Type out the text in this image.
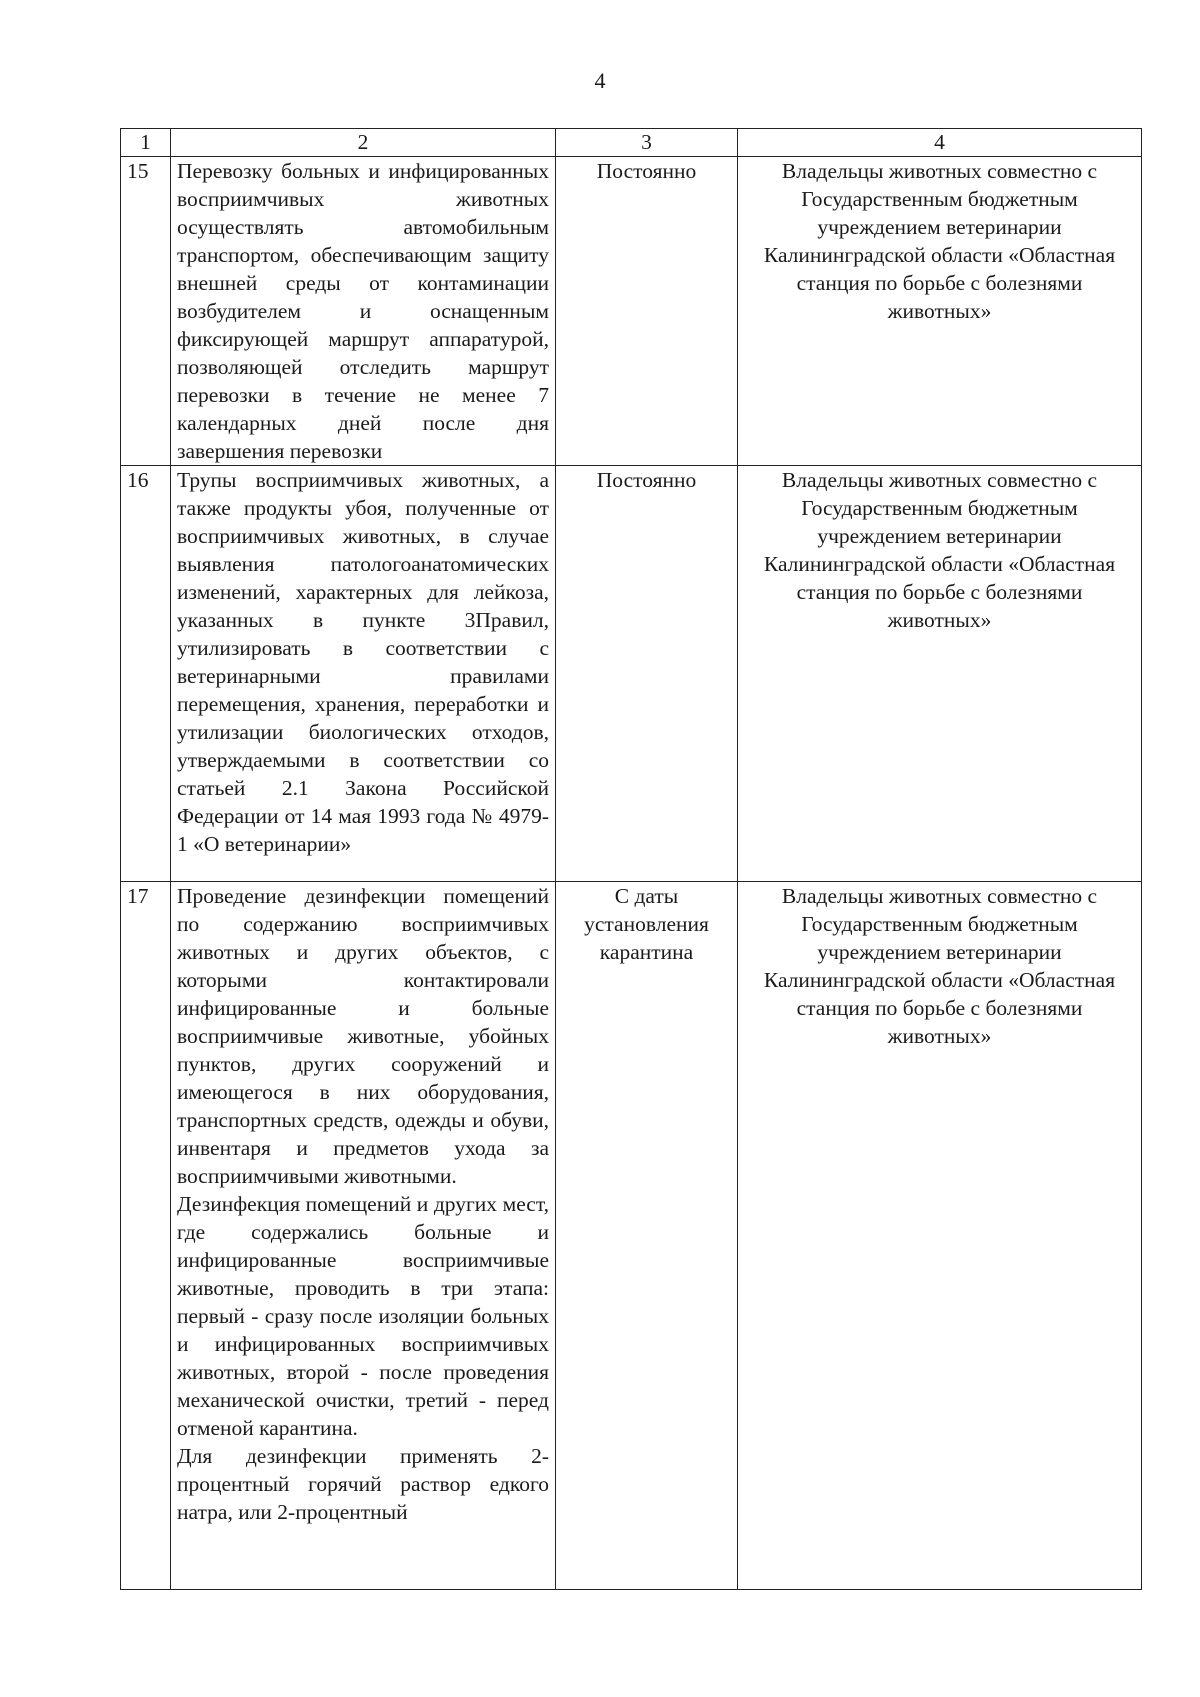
4
1	2	3	4
15	Перевозку больных и инфицированных восприимчивых животных осуществлять автомобильным транспортом, обеспечивающим защиту внешней среды от контаминации возбудителем и оснащенным фиксирующей маршрут аппаратурой, позволяющей отследить маршрут перевозки в течение не менее 7 календарных дней после дня завершения перевозки	Постоянно	Владельцы животных совместно с Государственным бюджетным учреждением ветеринарии Калининградской области «Областная станция по борьбе с болезнями животных»
16	Трупы восприимчивых животных, а также продукты убоя, полученные от восприимчивых животных, в случае выявления патологоанатомических изменений, характерных для лейкоза, указанных в пункте 3Правил, утилизировать в соответствии с ветеринарными правилами перемещения, хранения, переработки и утилизации биологических отходов, утверждаемыми в соответствии со статьей 2.1 Закона Российской Федерации от 14 мая 1993 года № 4979-1 «О ветеринарии»	Постоянно	Владельцы животных совместно с Государственным бюджетным учреждением ветеринарии Калининградской области «Областная станция по борьбе с болезнями животных»
17	Проведение дезинфекции помещений по содержанию восприимчивых животных и других объектов, с которыми контактировали инфицированные и больные восприимчивые животные, убойных пунктов, других сооружений и имеющегося в них оборудования, транспортных средств, одежды и обуви, инвентаря и предметов ухода за восприимчивыми животными.

Дезинфекция помещений и других мест, где содержались больные и инфицированные восприимчивые животные, проводить в три этапа: первый - сразу после изоляции больных и инфицированных восприимчивых животных, второй - после проведения механической очистки, третий - перед отменой карантина.

Для дезинфекции применять 2-процентный горячий раствор едкого натра, или 2-процентный	С даты установления карантина	Владельцы животных совместно с Государственным бюджетным учреждением ветеринарии Калининградской области «Областная станция по борьбе с болезнями животных»
